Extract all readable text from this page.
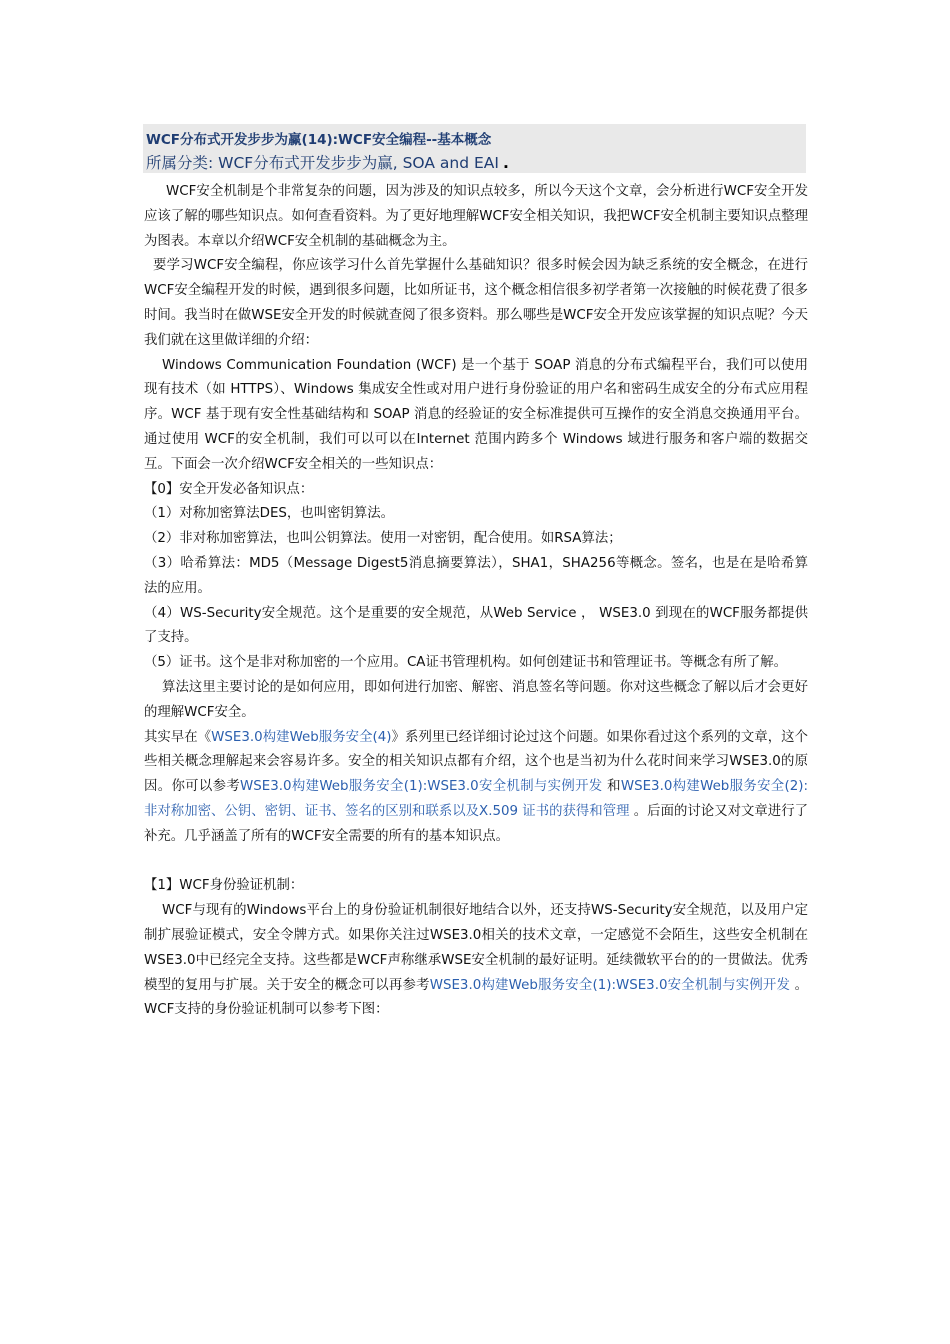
WCF分布式开发步步为赢(14):WCF安全编程--基本概念
所属分类: WCF分布式开发步步为赢, SOA and EAI .

WCF安全机制是个非常复杂的问题，因为涉及的知识点较多，所以今天这个文章，会分析进行WCF安全开发应该了解的哪些知识点。如何查看资料。为了更好地理解WCF安全相关知识，我把WCF安全机制主要知识点整理为图表。本章以介绍WCF安全机制的基础概念为主。

要学习WCF安全编程，你应该学习什么首先掌握什么基础知识？很多时候会因为缺乏系统的安全概念，在进行WCF安全编程开发的时候，遇到很多问题，比如所证书，这个概念相信很多初学者第一次接触的时候花费了很多时间。我当时在做WSE安全开发的时候就查阅了很多资料。那么哪些是WCF安全开发应该掌握的知识点呢？今天我们就在这里做详细的介绍：

Windows Communication Foundation (WCF) 是一个基于 SOAP 消息的分布式编程平台，我们可以使用现有技术（如 HTTPS）、Windows 集成安全性或对用户进行身份验证的用户名和密码生成安全的分布式应用程序。WCF 基于现有安全性基础结构和 SOAP 消息的经验证的安全标准提供可互操作的安全消息交换通用平台。 通过使用 WCF的安全机制，我们可以可以在Internet 范围内跨多个 Windows 域进行服务和客户端的数据交互。下面会一次介绍WCF安全相关的一些知识点：

【0】安全开发必备知识点：

（1）对称加密算法DES，也叫密钥算法。

（2）非对称加密算法，也叫公钥算法。使用一对密钥，配合使用。如RSA算法；

（3）哈希算法：MD5（Message Digest5消息摘要算法），SHA1，SHA256等概念。签名，也是在是哈希算法的应用。

（4）WS-Security安全规范。这个是重要的安全规范，从Web Service ， WSE3.0 到现在的WCF服务都提供了支持。

（5）证书。这个是非对称加密的一个应用。CA证书管理机构。如何创建证书和管理证书。等概念有所了解。

算法这里主要讨论的是如何应用，即如何进行加密、解密、消息签名等问题。你对这些概念了解以后才会更好的理解WCF安全。

其实早在《WSE3.0构建Web服务安全(4)》系列里已经详细讨论过这个问题。如果你看过这个系列的文章，这个些相关概念理解起来会容易许多。安全的相关知识点都有介绍，这个也是当初为什么花时间来学习WSE3.0的原因。你可以参考WSE3.0构建Web服务安全(1):WSE3.0安全机制与实例开发 和WSE3.0构建Web服务安全(2):非对称加密、公钥、密钥、证书、签名的区别和联系以及X.509 证书的获得和管理 。后面的讨论又对文章进行了补充。几乎涵盖了所有的WCF安全需要的所有的基本知识点。

【1】WCF身份验证机制：

WCF与现有的Windows平台上的身份验证机制很好地结合以外，还支持WS-Security安全规范，以及用户定制扩展验证模式，安全令牌方式。如果你关注过WSE3.0相关的技术文章，一定感觉不会陌生，这些安全机制在WSE3.0中已经完全支持。这些都是WCF声称继承WSE安全机制的最好证明。延续微软平台的的一贯做法。优秀模型的复用与扩展。关于安全的概念可以再参考WSE3.0构建Web服务安全(1):WSE3.0安全机制与实例开发 。WCF支持的身份验证机制可以参考下图：
